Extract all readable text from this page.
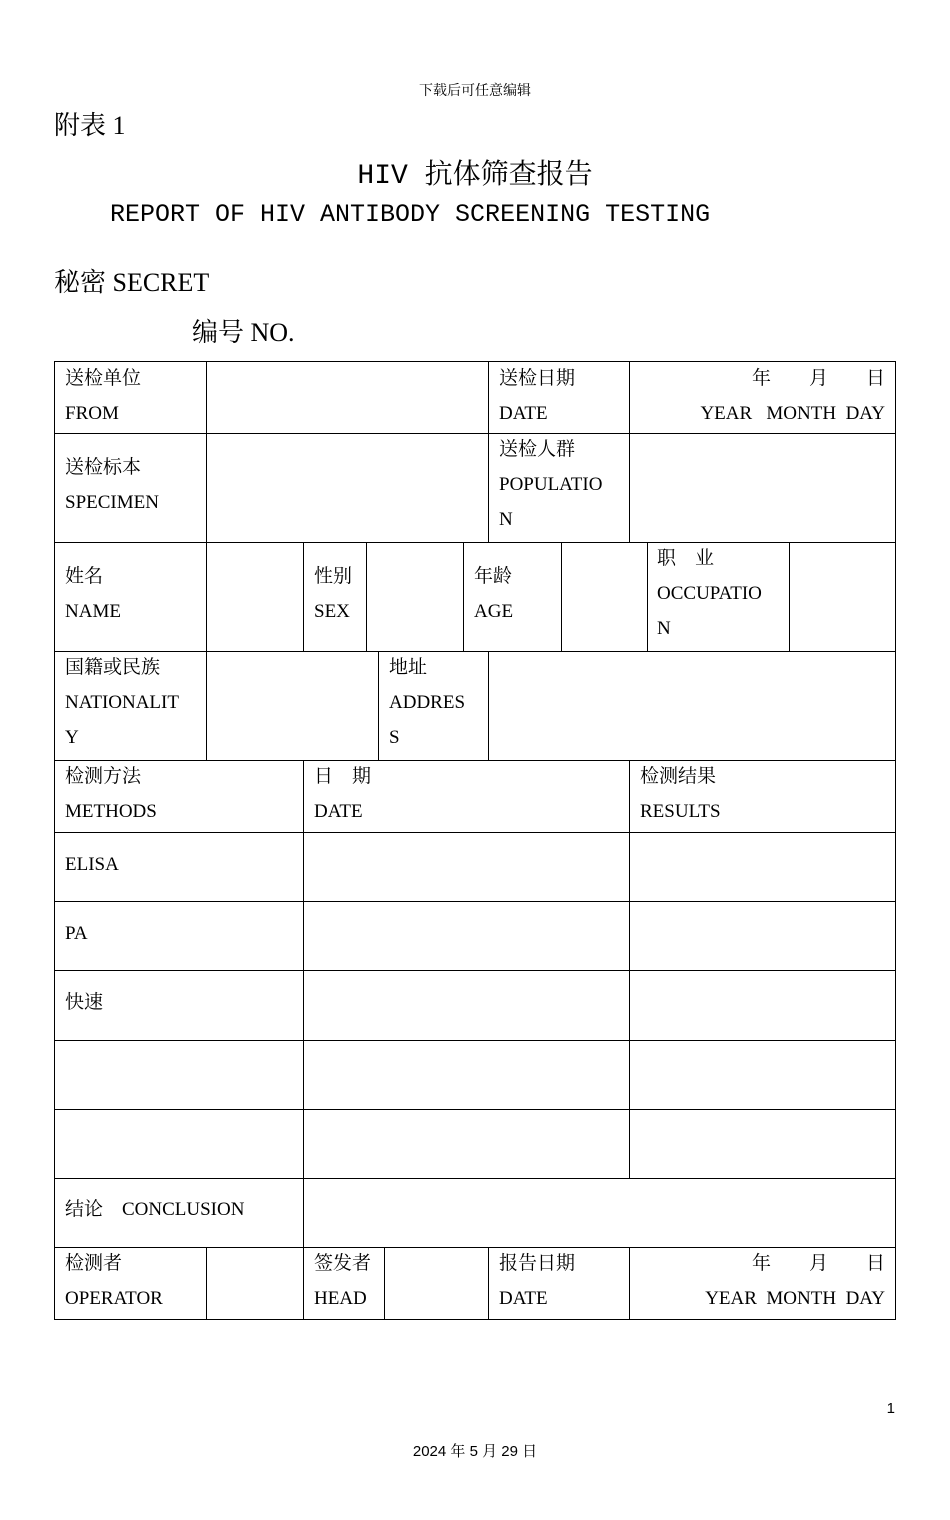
下载后可任意编辑
附表 1
HIV 抗体筛查报告
REPORT OF HIV ANTIBODY SCREENING TESTING
秘密 SECRET
编号 NO.
送检单位
FROM
送检日期
DATE
年　　月　　日
YEAR   MONTH  DAY
送检标本
SPECIMEN
送检人群
POPULATIO
N
姓名
NAME
性别
SEX
年龄
AGE
职　业
OCCUPATIO
N
国籍或民族
NATIONALIT
Y
地址
ADDRES
S
检测方法
METHODS
日　期
DATE
检测结果
RESULTS
ELISA
PA
快速
结论　CONCLUSION
检测者
OPERATOR
签发者
HEAD
报告日期
DATE
年　　月　　日
YEAR  MONTH  DAY
1
2024 年 5 月 29 日
